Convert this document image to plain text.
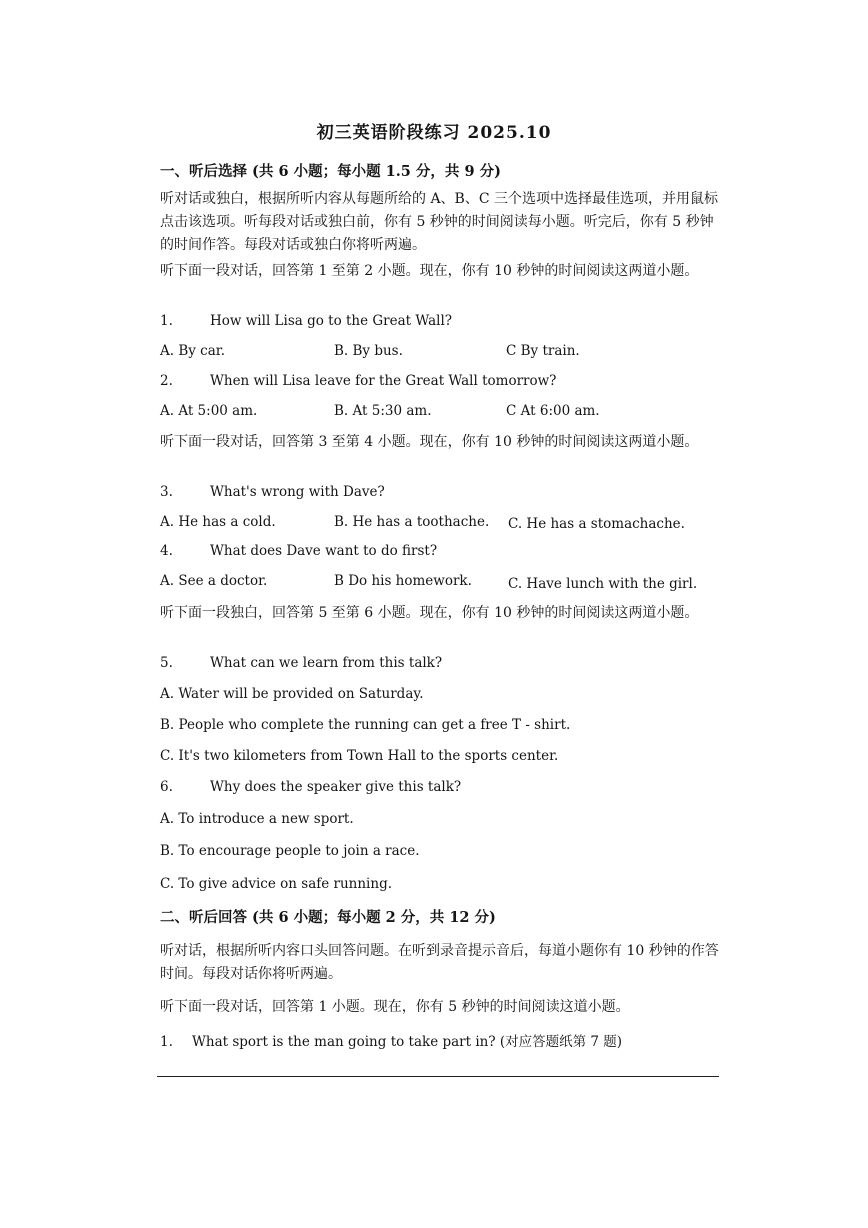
初三英语阶段练习 2025.10
一、听后选择 (共 6 小题；每小题 1.5 分，共 9 分)
听对话或独白，根据所听内容从每题所给的 A、B、C 三个选项中选择最佳选项，并用鼠标点击该选项。听每段对话或独白前，你有 5 秒钟的时间阅读每小题。听完后，你有 5 秒钟的时间作答。每段对话或独白你将听两遍。
听下面一段对话，回答第 1 至第 2 小题。现在，你有 10 秒钟的时间阅读这两道小题。
1.	How will Lisa go to the Great Wall?
A. By car.	B. By bus.	C By train.
2.	When will Lisa leave for the Great Wall tomorrow?
A. At 5:00 am.	B. At 5:30 am.	C At 6:00 am.
听下面一段对话，回答第 3 至第 4 小题。现在，你有 10 秒钟的时间阅读这两道小题。
3.	What's wrong with Dave?
A. He has a cold.	B. He has a toothache. C. He has a stomachache.
4.	What does Dave want to do first?
A. See a doctor.	B Do his homework.	C. Have lunch with the girl.
听下面一段独白，回答第 5 至第 6 小题。现在，你有 10 秒钟的时间阅读这两道小题。
5.	What can we learn from this talk?
A. Water will be provided on Saturday.
B. People who complete the running can get a free T - shirt.
C. It's two kilometers from Town Hall to the sports center.
6.	Why does the speaker give this talk?
A. To introduce a new sport.
B. To encourage people to join a race.
C. To give advice on safe running.
二、听后回答 (共 6 小题；每小题 2 分，共 12 分)
听对话，根据所听内容口头回答问题。在听到录音提示音后，每道小题你有 10 秒钟的作答时间。每段对话你将听两遍。
听下面一段对话，回答第 1 小题。现在，你有 5 秒钟的时间阅读这道小题。
1. What sport is the man going to take part in? (对应答题纸第 7 题)
